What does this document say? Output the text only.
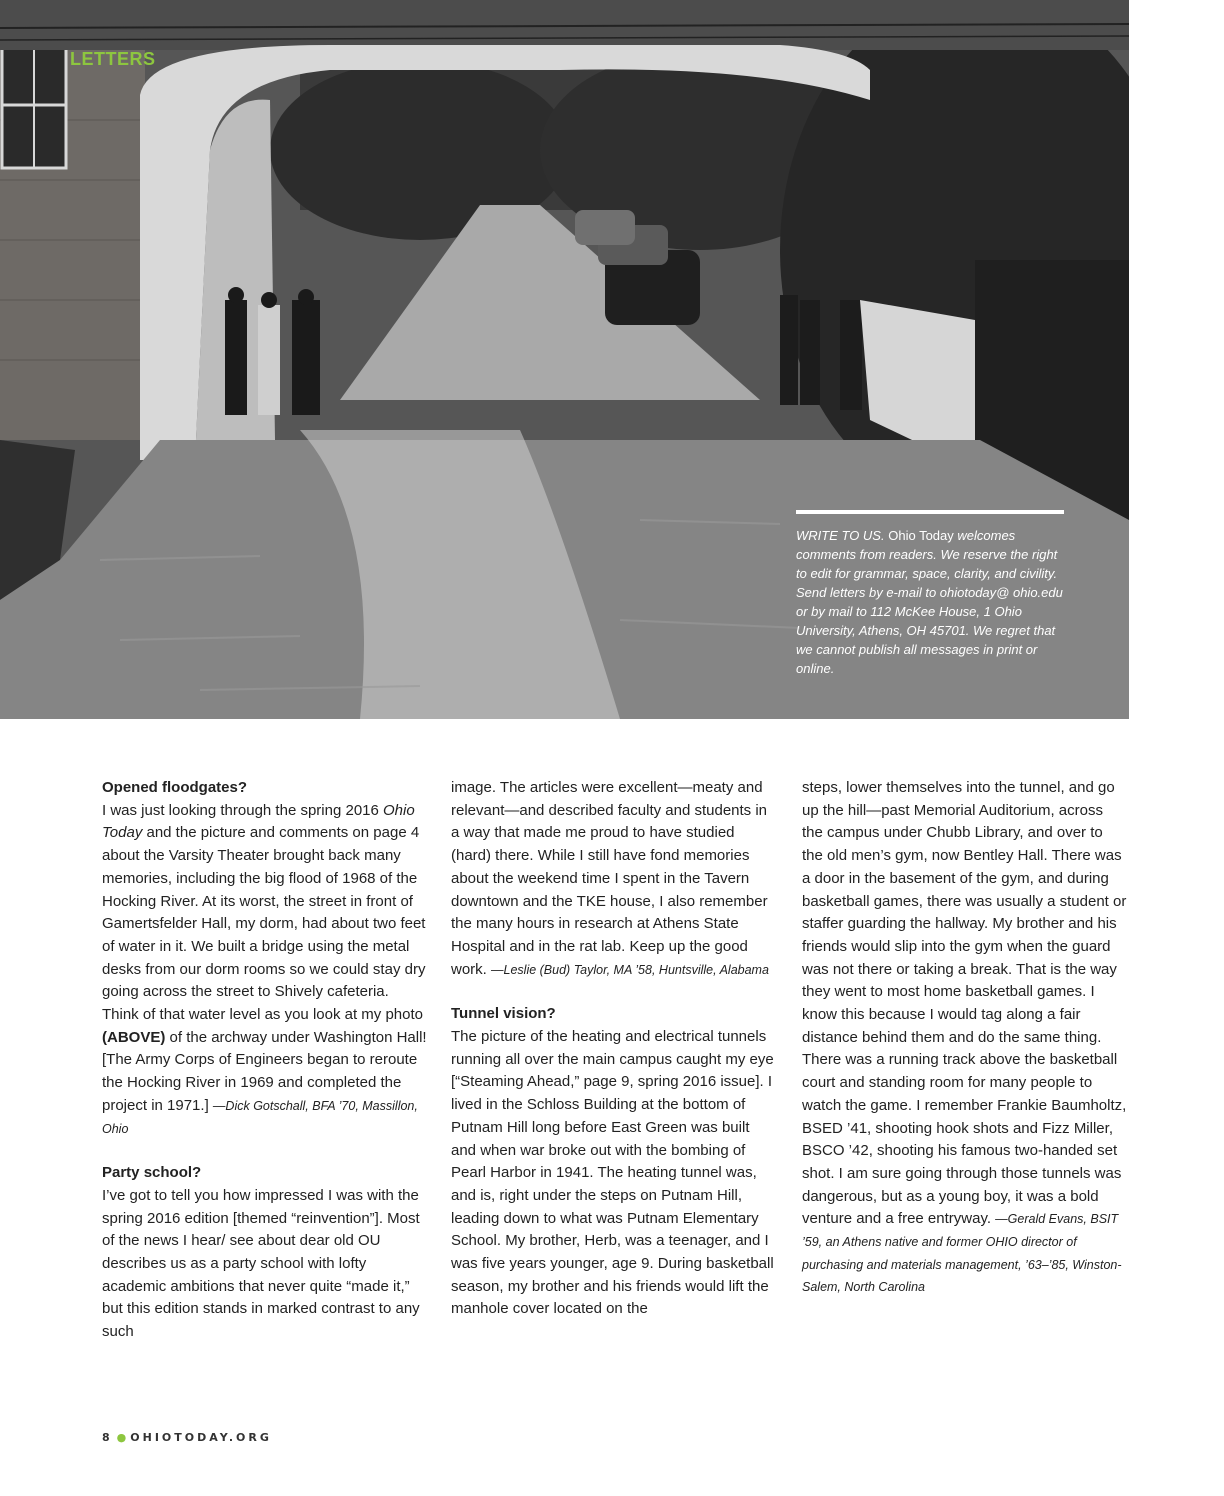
LETTERS
WRITE TO US. Ohio Today welcomes comments from readers. We reserve the right to edit for grammar, space, clarity, and civility. Send letters by e-mail to ohiotoday@ ohio.edu or by mail to 112 McKee House, 1 Ohio University, Athens, OH 45701. We regret that we cannot publish all messages in print or online.

Opened floodgates?

I was just looking through the spring 2016 Ohio Today and the picture and comments on page 4 about the Varsity Theater brought back many memories, including the big flood of 1968 of the Hocking River. At its worst, the street in front of Gamertsfelder Hall, my dorm, had about two feet of water in it. We built a bridge using the metal desks from our dorm rooms so we could stay dry going across the street to Shively cafeteria. Think of that water level as you look at my photo (ABOVE) of the archway under Washington Hall! [The Army Corps of Engineers began to reroute the Hocking River in 1969 and completed the project in 1971.] —Dick Gotschall, BFA ’70, Massillon, Ohio

Party school?

I’ve got to tell you how impressed I was with the spring 2016 edition [themed “reinvention”]. Most of the news I hear/ see about dear old OU describes us as a party school with lofty academic ambitions that never quite “made it,” but this edition stands in marked contrast to any such

image. The articles were excellent—meaty and relevant—and described faculty and students in a way that made me proud to have studied (hard) there. While I still have fond memories about the weekend time I spent in the Tavern downtown and the TKE house, I also remember the many hours in research at Athens State Hospital and in the rat lab. Keep up the good work. —Leslie (Bud) Taylor, MA ’58, Huntsville, Alabama

Tunnel vision?

The picture of the heating and electrical tunnels running all over the main campus caught my eye [“Steaming Ahead,” page 9, spring 2016 issue]. I lived in the Schloss Building at the bottom of Putnam Hill long before East Green was built and when war broke out with the bombing of Pearl Harbor in 1941. The heating tunnel was, and is, right under the steps on Putnam Hill, leading down to what was Putnam Elementary School. My brother, Herb, was a teenager, and I was five years younger, age 9. During basketball season, my brother and his friends would lift the manhole cover located on the

steps, lower themselves into the tunnel, and go up the hill—past Memorial Auditorium, across the campus under Chubb Library, and over to the old men’s gym, now Bentley Hall. There was a door in the basement of the gym, and during basketball games, there was usually a student or staffer guarding the hallway. My brother and his friends would slip into the gym when the guard was not there or taking a break. That is the way they went to most home basketball games. I know this because I would tag along a fair distance behind them and do the same thing. There was a running track above the basketball court and standing room for many people to watch the game. I remember Frankie Baumholtz, BSED ’41, shooting hook shots and Fizz Miller, BSCO ’42, shooting his famous two-handed set shot. I am sure going through those tunnels was dangerous, but as a young boy, it was a bold venture and a free entryway. —Gerald Evans, BSIT ’59, an Athens native and former OHIO director of purchasing and materials management, ’63–’85, Winston-Salem, North Carolina

8 ● OHIOTODAY.ORG
